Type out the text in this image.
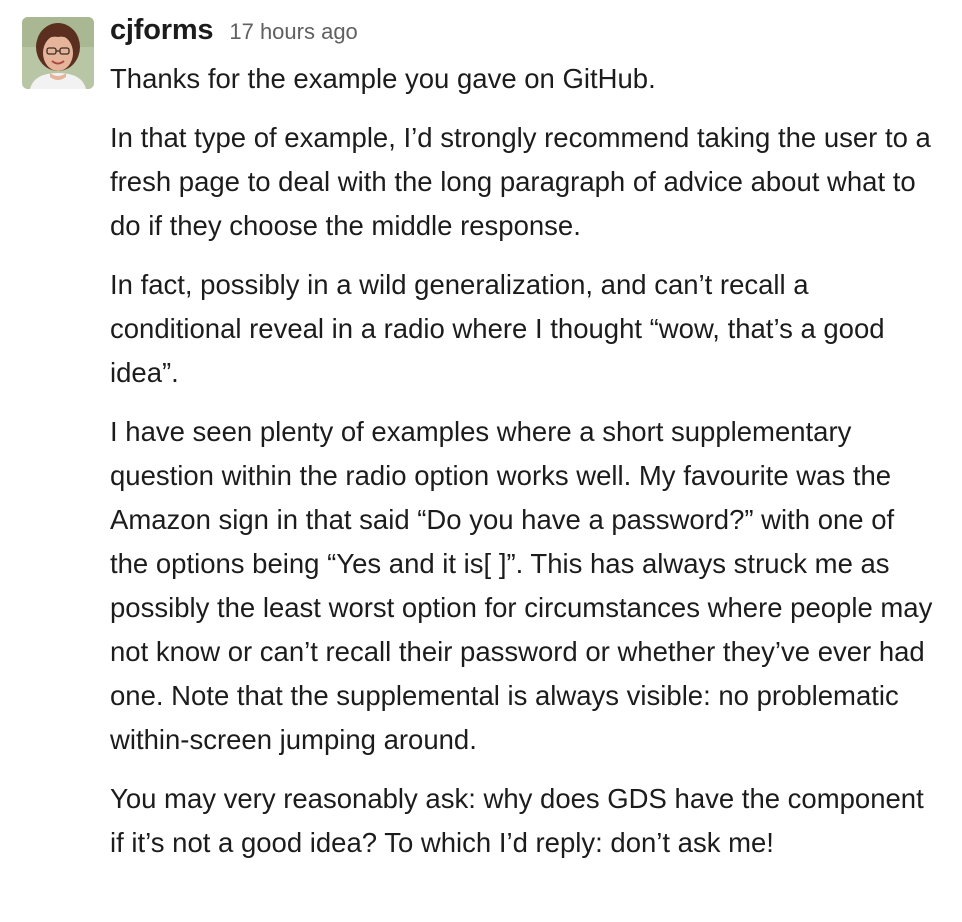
cjforms 17 hours ago

Thanks for the example you gave on GitHub.

In that type of example, I’d strongly recommend taking the user to a fresh page to deal with the long paragraph of advice about what to do if they choose the middle response.

In fact, possibly in a wild generalization, and can’t recall a conditional reveal in a radio where I thought “wow, that’s a good idea”.

I have seen plenty of examples where a short supplementary question within the radio option works well. My favourite was the Amazon sign in that said “Do you have a password?” with one of the options being “Yes and it is[ ]”. This has always struck me as possibly the least worst option for circumstances where people may not know or can’t recall their password or whether they’ve ever had one. Note that the supplemental is always visible: no problematic within-screen jumping around.

You may very reasonably ask: why does GDS have the component if it’s not a good idea? To which I’d reply: don’t ask me!
